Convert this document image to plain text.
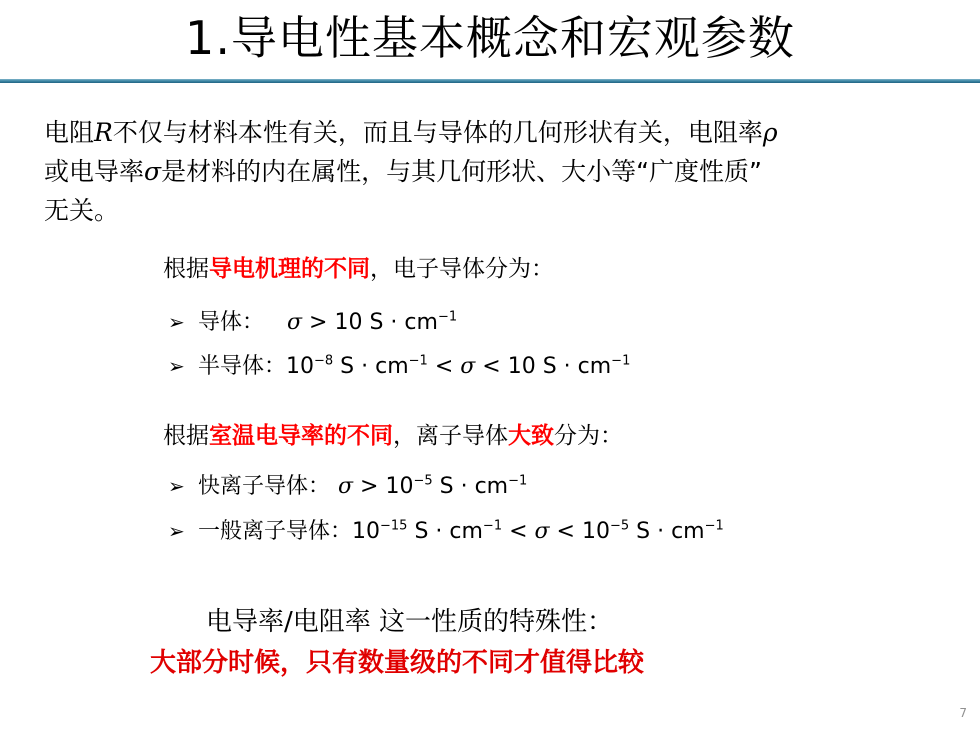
1.导电性基本概念和宏观参数
电阻R不仅与材料本性有关，而且与导体的几何形状有关，电阻率ρ
或电导率σ是材料的内在属性，与其几何形状、大小等“广度性质”
无关。
根据导电机理的不同，电子导体分为：
➢ 导体： σ > 10 $S \cdot cm^{-1}$
➢ 半导体：$10^{-8}$ $S \cdot cm^{-1} < \sigma < 10$ $S \cdot cm^{-1}$
根据室温电导率的不同，离子导体大致分为：
➢ 快离子导体： $\sigma > 10^{-5}$ $S \cdot cm^{-1}$
➢ 一般离子导体：$10^{-15}$ $S \cdot cm^{-1} < \sigma < 10^{-5}$ $S \cdot cm^{-1}$
电导率/电阻率 这一性质的特殊性：
大部分时候，只有数量级的不同才值得比较
7
